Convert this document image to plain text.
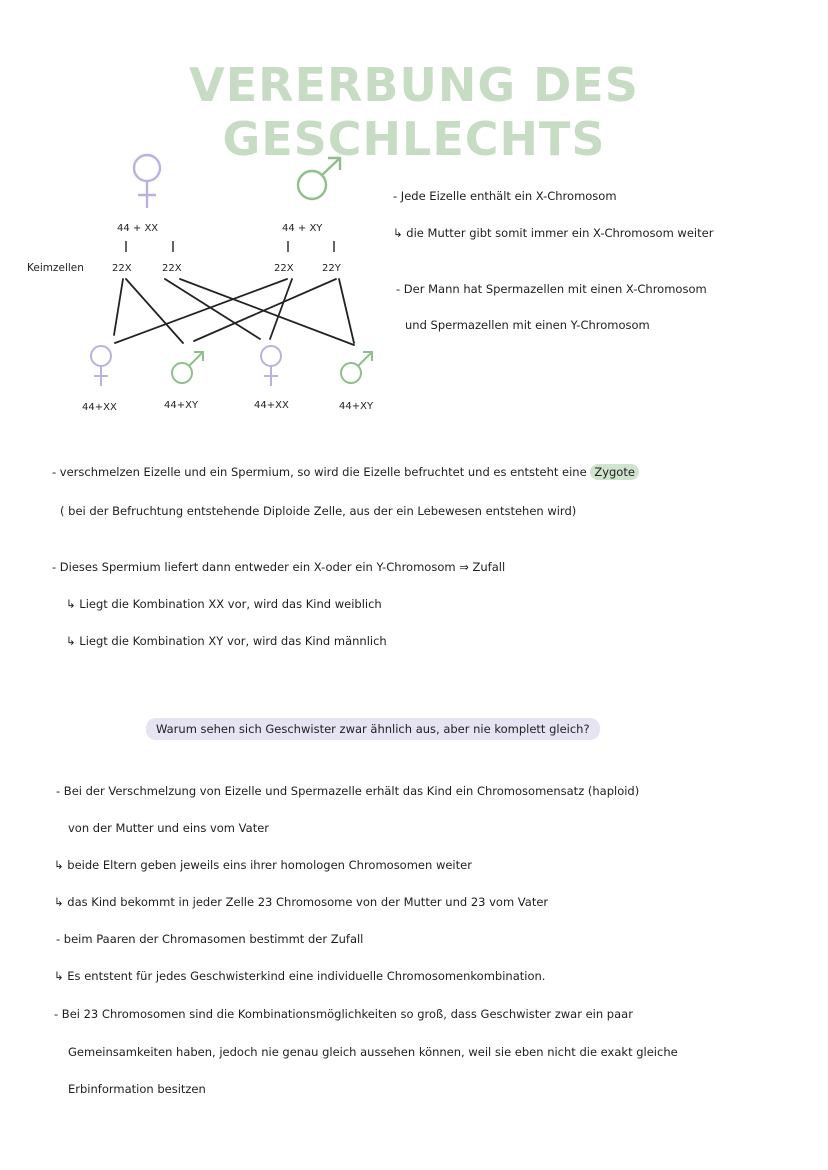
VERERBUNG DES GESCHLECHTS
44 + XX	44 + XY
Keimzellen	22X	22X	22X	22Y
44+XX	44+XY	44+XX	44+XY
- Jede Eizelle enthält ein X-Chromosom
↳ die Mutter gibt somit immer ein X-Chromosom weiter
- Der Mann hat Spermazellen mit einen X-Chromosom
und Spermazellen mit einen Y-Chromosom
- verschmelzen Eizelle und ein Spermium, so wird die Eizelle befruchtet und es entsteht eine Zygote
( bei der Befruchtung entstehende Diploide Zelle, aus der ein Lebewesen entstehen wird)
- Dieses Spermium liefert dann entweder ein X-oder ein Y-Chromosom ⇒ Zufall
↳ Liegt die Kombination XX vor, wird das Kind weiblich
↳ Liegt die Kombination XY vor, wird das Kind männlich
Warum sehen sich Geschwister zwar ähnlich aus, aber nie komplett gleich?
- Bei der Verschmelzung von Eizelle und Spermazelle erhält das Kind ein Chromosomensatz (haploid)
von der Mutter und eins vom Vater
↳ beide Eltern geben jeweils eins ihrer homologen Chromosomen weiter
↳ das Kind bekommt in jeder Zelle 23 Chromosome von der Mutter und 23 vom Vater
- beim Paaren der Chromasomen bestimmt der Zufall
↳ Es entstent für jedes Geschwisterkind eine individuelle Chromosomenkombination.
- Bei 23 Chromosomen sind die Kombinationsmöglichkeiten so groß, dass Geschwister zwar ein paar
Gemeinsamkeiten haben, jedoch nie genau gleich aussehen können, weil sie eben nicht die exakt gleiche
Erbinformation besitzen
